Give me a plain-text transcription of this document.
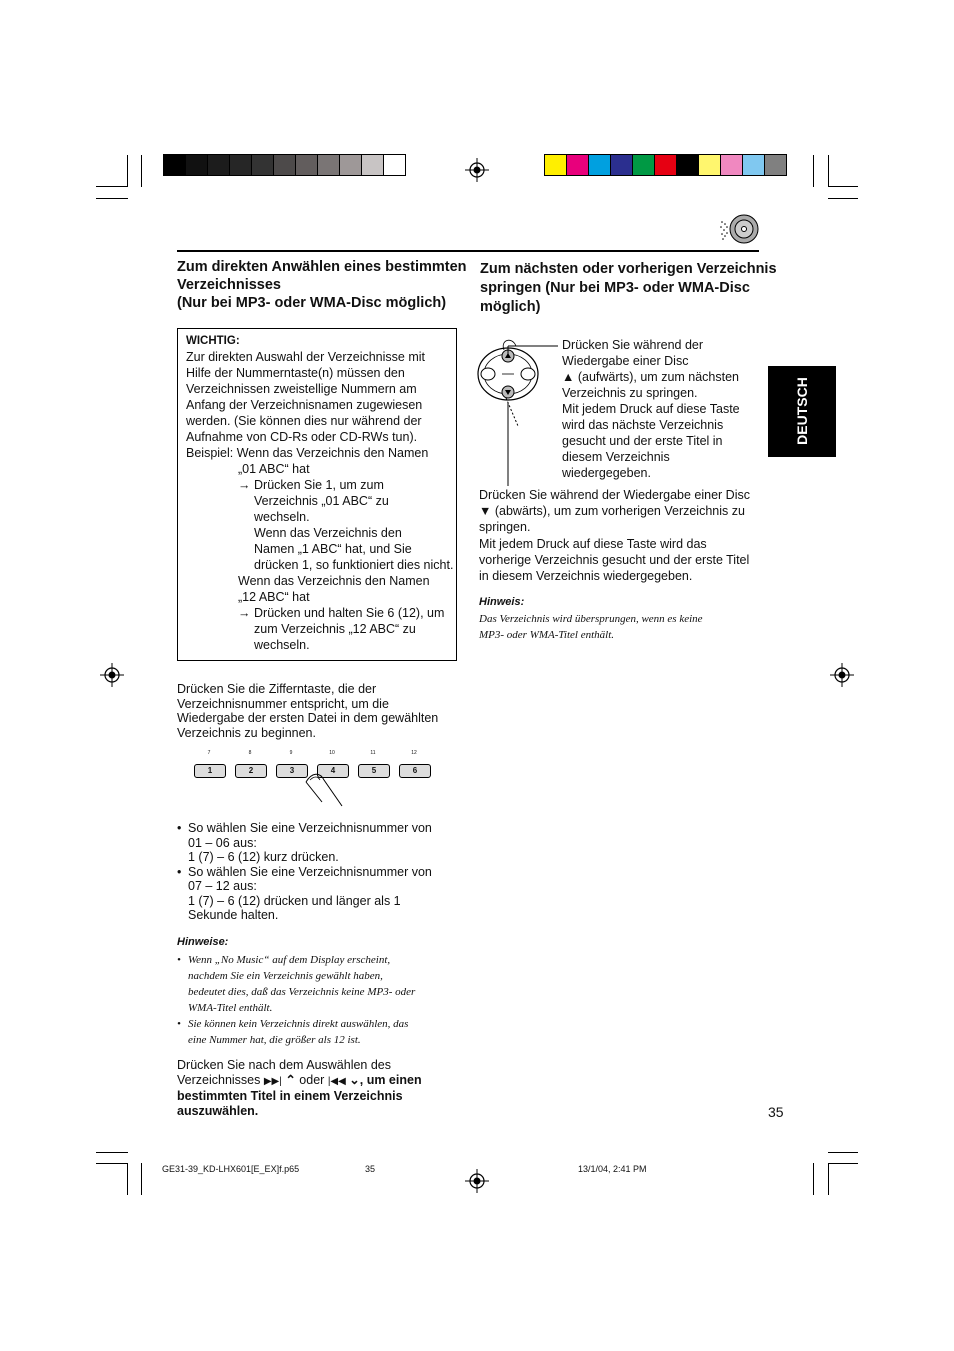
DEUTSCH
Zum direkten Anwählen eines bestimmten
Verzeichnisses
(Nur bei MP3- oder WMA-Disc möglich)
WICHTIG:
Zur direkten Auswahl der Verzeichnisse mit
Hilfe der Nummerntaste(n) müssen den
Verzeichnissen zweistellige Nummern am
Anfang der Verzeichnisnamen zugewiesen
werden. (Sie können dies nur während der
Aufnahme von CD-Rs oder CD-RWs tun).
Beispiel: Wenn das Verzeichnis den Namen
„01 ABC“ hat
→ Drücken Sie 1, um zum
Verzeichnis „01 ABC“ zu
wechseln.
Wenn das Verzeichnis den
Namen „1 ABC“ hat, und Sie
drücken 1, so funktioniert dies nicht.
Wenn das Verzeichnis den Namen
„12 ABC“ hat
→ Drücken und halten Sie 6 (12), um
zum Verzeichnis „12 ABC“ zu
wechseln.
Drücken Sie die Zifferntaste, die der
Verzeichnisnummer entspricht, um die
Wiedergabe der ersten Datei in dem gewählten
Verzeichnis zu beginnen.
7
1
8
2
9
3
10
4
11
5
12
6
• So wählen Sie eine Verzeichnisnummer von
01 – 06 aus:
1 (7) – 6 (12) kurz drücken.
• So wählen Sie eine Verzeichnisnummer von
07 – 12 aus:
1 (7) – 6 (12) drücken und länger als 1
Sekunde halten.
Hinweise:
• Wenn „No Music“ auf dem Display erscheint,
nachdem Sie ein Verzeichnis gewählt haben,
bedeutet dies, daß das Verzeichnis keine MP3- oder
WMA-Titel enthält.
• Sie können kein Verzeichnis direkt auswählen, das
eine Nummer hat, die größer als 12 ist.
Drücken Sie nach dem Auswählen des
Verzeichnisses ▶▶| ⌃ oder |◀◀ ⌄, um einen
bestimmten Titel in einem Verzeichnis
auszuwählen.
Zum nächsten oder vorherigen Verzeichnis
springen (Nur bei MP3- oder WMA-Disc
möglich)
Drücken Sie während der
Wiedergabe einer Disc
▲ (aufwärts), um zum nächsten
Verzeichnis zu springen.
Mit jedem Druck auf diese Taste
wird das nächste Verzeichnis
gesucht und der erste Titel in
diesem Verzeichnis
wiedergegeben.
Drücken Sie während der Wiedergabe einer Disc
▼ (abwärts), um zum vorherigen Verzeichnis zu
springen.
Mit jedem Druck auf diese Taste wird das
vorherige Verzeichnis gesucht und der erste Titel
in diesem Verzeichnis wiedergegeben.
Hinweis:
Das Verzeichnis wird übersprungen, wenn es keine
MP3- oder WMA-Titel enthält.
35
GE31-39_KD-LHX601[E_EX]f.p65	35	13/1/04, 2:41 PM
